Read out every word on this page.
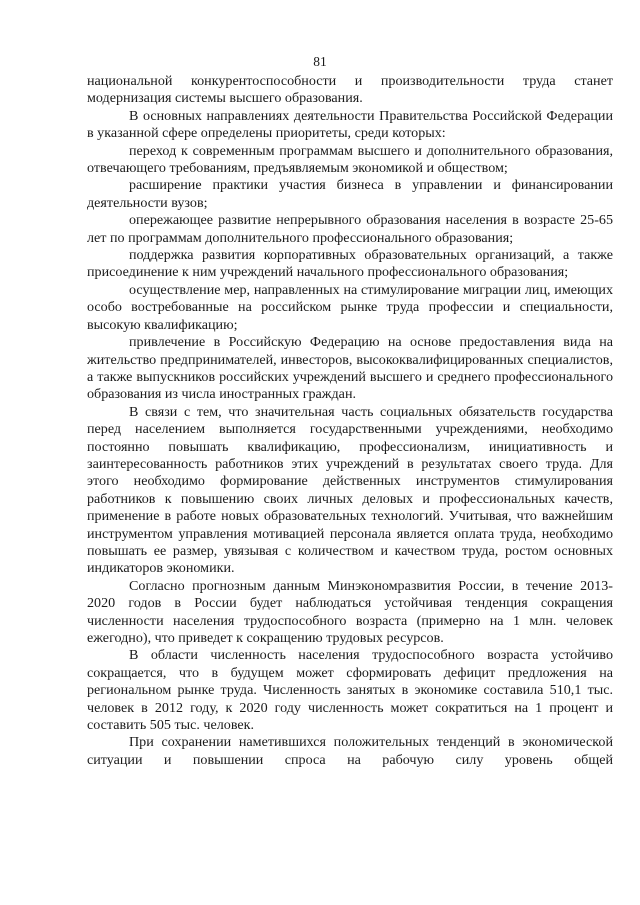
81

национальной конкурентоспособности и производительности труда станет модернизация системы высшего образования.

В основных направлениях деятельности Правительства Российской Федерации в указанной сфере определены приоритеты, среди которых:

переход к современным программам высшего и дополнительного образования, отвечающего требованиям, предъявляемым экономикой и обществом;

расширение практики участия бизнеса в управлении и финансировании деятельности вузов;

опережающее развитие непрерывного образования населения в возрасте 25-65 лет по программам дополнительного профессионального образования;

поддержка развития корпоративных образовательных организаций, а также присоединение к ним учреждений начального профессионального образования;

осуществление мер, направленных на стимулирование миграции лиц, имеющих особо востребованные на российском рынке труда профессии и специальности, высокую квалификацию;

привлечение в Российскую Федерацию на основе предоставления вида на жительство предпринимателей, инвесторов, высококвалифицированных специалистов, а также выпускников российских учреждений высшего и среднего профессионального образования из числа иностранных граждан.

В связи с тем, что значительная часть социальных обязательств государства перед населением выполняется государственными учреждениями, необходимо постоянно повышать квалификацию, профессионализм, инициативность и заинтересованность работников этих учреждений в результатах своего труда. Для этого необходимо формирование действенных инструментов стимулирования работников к повышению своих личных деловых и профессиональных качеств, применение в работе новых образовательных технологий. Учитывая, что важнейшим инструментом управления мотивацией персонала является оплата труда, необходимо повышать ее размер, увязывая с количеством и качеством труда, ростом основных индикаторов экономики.

Согласно прогнозным данным Минэкономразвития России, в течение 2013-2020 годов в России будет наблюдаться устойчивая тенденция сокращения численности населения трудоспособного возраста (примерно на 1 млн. человек ежегодно), что приведет к сокращению трудовых ресурсов.

В области численность населения трудоспособного возраста устойчиво сокращается, что в будущем может сформировать дефицит предложения на региональном рынке труда. Численность занятых в экономике составила 510,1 тыс. человек в 2012 году, к 2020 году численность может сократиться на 1 процент и составить 505 тыс. человек.

При сохранении наметившихся положительных тенденций в экономической ситуации и повышении спроса на рабочую силу уровень общей
